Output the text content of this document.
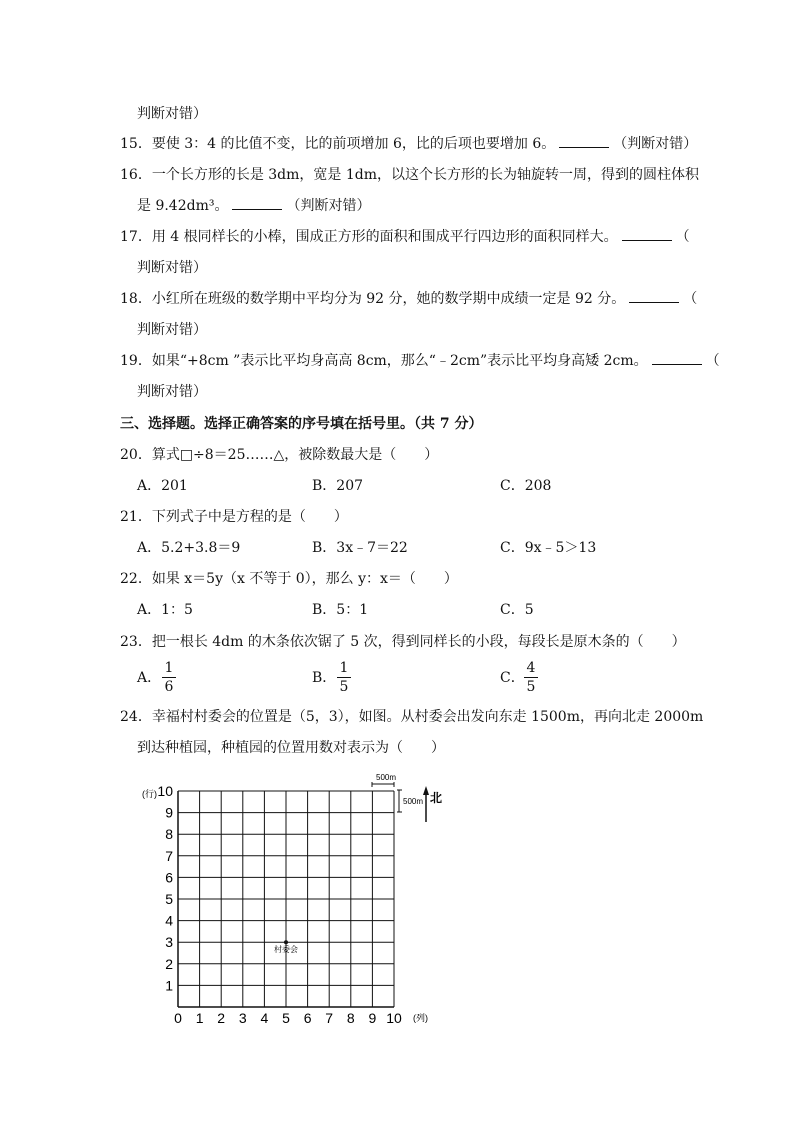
判断对错）
15．要使 3：4 的比值不变，比的前项增加 6，比的后项也要增加 6。	（判断对错）
16．一个长方形的长是 3dm，宽是 1dm，以这个长方形的长为轴旋转一周，得到的圆柱体积
是 9.42dm³。	（判断对错）
17．用 4 根同样长的小棒，围成正方形的面积和围成平行四边形的面积同样大。	（
判断对错）
18．小红所在班级的数学期中平均分为 92 分，她的数学期中成绩一定是 92 分。	（
判断对错）
19．如果“+8cm ”表示比平均身高高 8cm，那么“﹣2cm”表示比平均身高矮 2cm。	（
判断对错）
三、选择题。选择正确答案的序号填在括号里。（共 7 分）
20．算式□÷8＝25……△，被除数最大是（　　）
A．201	B．207	C．208
21．下列式子中是方程的是（　　）
A．5.2+3.8＝9	B．3x﹣7＝22	C．9x﹣5＞13
22．如果 x＝5y（x 不等于 0），那么 y：x＝（　　）
A．1：5	B．5：1	C．5
23．把一根长 4dm 的木条依次锯了 5 次，得到同样长的小段，每段长是原木条的（　　）
A．
1
6
B．
1
5
C．
4
5
24．幸福村村委会的位置是（5，3），如图。从村委会出发向东走 1500m，再向北走 2000m
到达种植园，种植园的位置用数对表示为（　　）
0 1 2 3 4 5 6 7 8 9 10
1
2
3
4
5
6
7
8
9
10
(行)
(列)
500m
500m 北
村委会
